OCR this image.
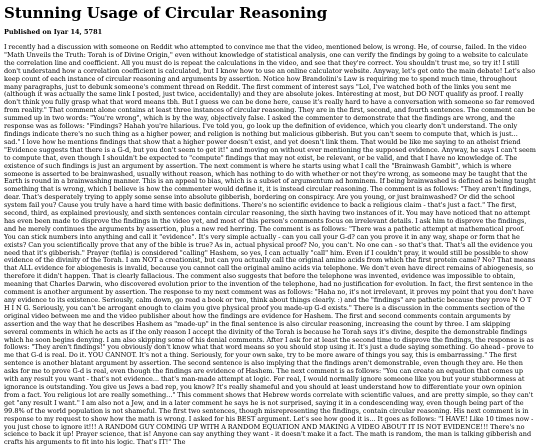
Stunning Usage of Circular Reasoning
Published on Iyar 14, 5781

I recently had a discussion with someone on Reddit who attempted to convince me that the video, mentioned below, is wrong. He, of course, failed. In the video "Math Unveils the Truth: Torah is of Divine Origin," even without knowledge of statistical analysis, one can verify the findings by going to a website to calculate the correlation line and coefficient. All you must do is repeat the calculations in the video, and see that they're correct. You shouldn't trust me, so try it! I still don't understand how a correlation coefficient is calculated, but I know how to use an online calculator website. Anyway, let's get onto the main debate! Let's also keep count of each instance of circular reasoning and arguments by assertion. Notice how Brandolini's Law is requiring me to spend much time, throughout many paragraphs, just to debunk someone's comment thread on Reddit. The first comment of interest says "Lol, I've watched both of the links you sent me (although it was actually the same link I posted, just twice, accidentally) and they are absolute jokes. Interesting at most, but DO NOT qualify as proof. I really don't think you fully grasp what that word means tbh. But I guess we can be done here, cause it's really hard to have a conversation with someone so far removed from reality." That comment alone contains at least three instances of circular reasoning. They are in the first, second, and fourth sentences. The comment can be summed up in two words: "You're wrong", which is by the way, objectively false. I asked the commenter to demonstrate that the findings are wrong, and the response was as follows: "Findings? Hahah you're hilarious. I've told you, go look up the definition of evidence, which you clearly don't understand. The only findings indicate there's no such thing as a higher power, and religion is nothing but malicious gibberish. But you can't seem to compute that, which is just... sad." I love how he mentions findings that show that a higher power doesn't exist, and yet doesn't link them. That would be like me saying to an atheist friend "Evidence suggests that there is a G-d, but you don't seem to get it!" and moving on without ever mentioning the supposed evidence. Anyway, he says I can't seem to compute that, even though I shouldn't be expected to "compute" findings that may not exist, be relevant, or be valid, and that I have no knowledge of. The existence of such findings is just an argument by assertion. The next comment is where he starts using what I call the "Brainwash Gambit", which is where someone is asserted to be brainwashed, usually without reason, which has nothing to do with whether or not they're wrong, as someone may be taught that the Earth is round in a brainwashing manner. This is an appeal to bias, which is a subset of argumentum ad hominem. If being brainwashed is defined as being taught something that is wrong, which I believe is how the commenter would define it, it is instead circular reasoning. The comment is as follows: "They aren't findings, dear. That's desperately trying to apply some sense into absolute gibberish, bordering on conspiracy. Are you young, or just brainwashed? Or did the school system fail you? Cause you truly have a hard time with basic definitions. There's no scientific evidence to back a religious claim - that's just a fact." The first, second, third, as explained previously, and sixth sentences contain circular reasoning, the sixth having two instances of it. You may have noticed that no attempt has even been made to disprove the findings in the video yet, and most of this person's comments focus on irrelevant details. I ask him to disprove the findings, and he merely continues the arguments by assertion, plus a new red herring. The comment is as follows: "There was a pathetic attempt at mathematical proof. You can stick numbers into anything and call it "evidence". It's very simple actually - can you call your G-d? can you prove it in any way, shape or form that he exists? Can you scientifically prove that any of the bible is true? As in, actual physical proof? No, you can't. No one can - so that's that. That's all the evidence you need that it's gibberish." Prayer (tefila) is considered "calling" Hashem, so yes, I can actually "call" him. Even if I couldn't pray, it would still be possible to show evidence of the divinity of the Torah. I am NOT a creationist, but can you actually call the original amino acids from which the first protein came? No? That means that ALL evidence for abiogenesis is invalid, because you cannot call the original amino acids via telephone. We don't even have direct remains of abiogenesis, so therefore it didn't happen. That is clearly fallacious. The comment also suggests that before the telephone was invented, evidence was impossible to obtain, meaning that Charles Darwin, who discovered evolution prior to the invention of the telephone, had no justification for evolution. In fact, the first sentence in the comment is another argument by assertion. The response to my next comment was as follows: "Haha no, it's not irrelevant, it proves my point that you don't have any evidence to its existence. Seriously, calm down, go read a book or two, think about things clearly. :) and the "findings" are pathetic because they prove N O T H I N G. Seriously, you can't be arrogant enough to claim you give physical proof you made-up G-d exists." There is a discussion in the comments section of the original video between me and the video publisher about how the findings are evidence for Hashem. The first and second comments contain arguments by assertion and the way that he describes Hashem as "made-up" in the final sentence is also circular reasoning, increasing the count by three. I am skipping several comments in which he acts as if the only reason I accept the divinity of the Torah is because he Torah says it's divine, despite the demonstrable findings which he soon begins denying. I am also skipping some of his denial comments. After I ask for at least the second time to disprove the findings, the response is as follows: "They aren't findings!" you obviously don't know what that word means so you should stop using it. It's just a dude saying something. Go ahead - prove to me that G-d is real. Do it. YOU CANNOT. It's not a thing. Seriously, for your own sake, try to be more aware of things you say, this is embarrassing." The first sentence is another blatant argument by assertion. The second sentence is also implying that the findings aren't demonstrable, even though they are. He then asks for me to prove G-d is real, even though the findings are evidence of Hashem. The next comment is as follows: "You can create an equation that comes up with any result you want - that's not evidence... that's man-made attempt at logic. For real, I would normally ignore someone like you but your stubbornness at ignorance is outstanding. You give us Jews a bad rep, you know? It's really shameful and you should at least understand how to differentiate your own opinion from a fact. You religious lot are really something..." This comment shows that Hebrew words correlate with scientific values, and are pretty simple, so they can't get "any result I want." I am also not a Jew, and in a later comment he says he is not surprised, saying it in a condescending way, even though being part of the 99.8% of the world population is not shameful. The first two sentences, though misrepresenting the findings, contain circular reasoning. His next comment is in response to my request to show how the math is wrong. I asked for his BEST argument. Let's see how good it is... It goes as follows: "I HAVE! Like 10 times now - you just chose to ignore it!!! A RANDOM GUY COMING UP WITH A RANDOM EQUATION AND MAKING A VIDEO ABOUT IT IS NOT EVIDENCE!!! There's no science to back it up! Prayer science, that is! Anyone can say anything they want - it doesn't make it a fact. The math is random, the man is talking gibberish and crafts his arguments to fit into his logic. That's IT!" The
